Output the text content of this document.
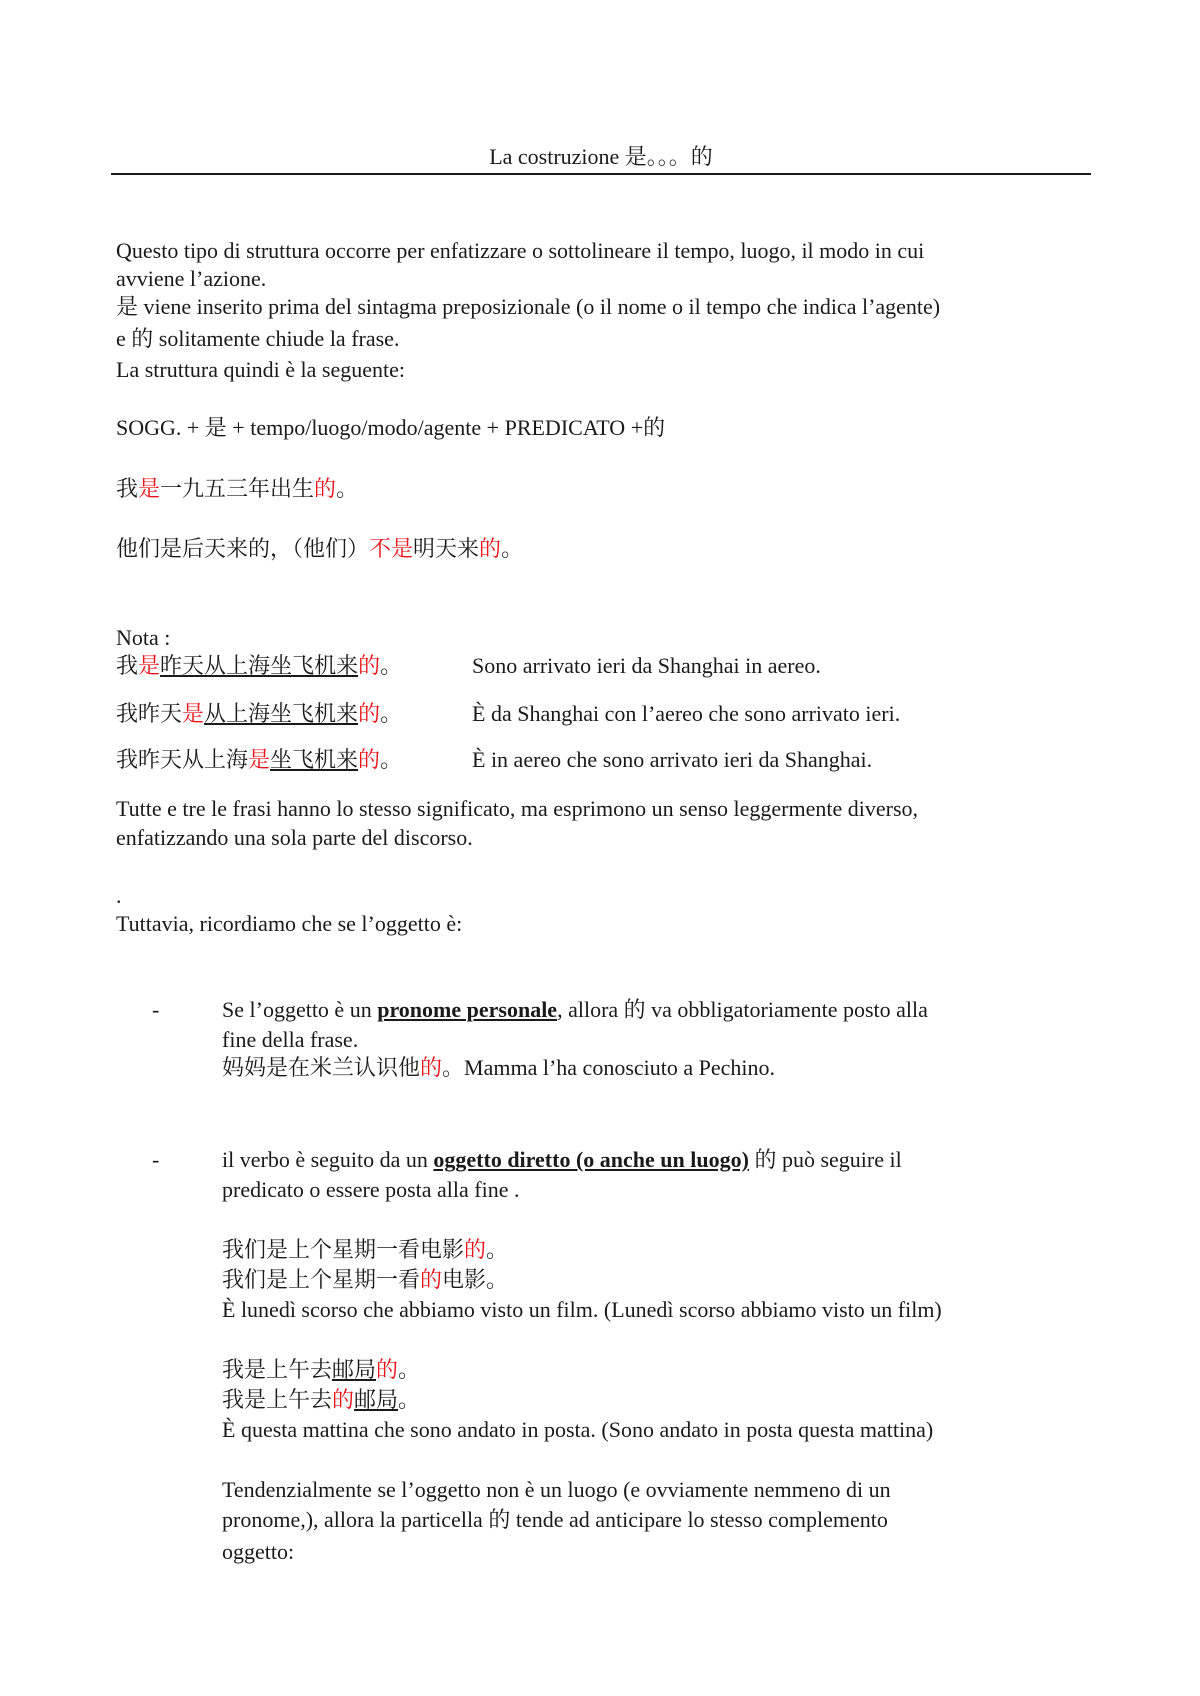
La costruzione 是。。。的
Questo tipo di struttura occorre per enfatizzare o sottolineare il tempo, luogo, il modo in cui
avviene l’azione.
是 viene inserito prima del sintagma preposizionale (o il nome o il tempo che indica l’agente)
e 的 solitamente chiude la frase.
La struttura quindi è la seguente:
SOGG. + 是 + tempo/luogo/modo/agente + PREDICATO +的
我是一九五三年出生的。
他们是后天来的，（他们）不是明天来的。
Nota :
我是昨天从上海坐飞机来的。	Sono arrivato ieri da Shanghai in aereo.
我昨天是从上海坐飞机来的。	È da Shanghai con l’aereo che sono arrivato ieri.
我昨天从上海是坐飞机来的。	È in aereo che sono arrivato ieri da Shanghai.
Tutte e tre le frasi hanno lo stesso significato, ma esprimono un senso leggermente diverso,
enfatizzando una sola parte del discorso.
.
Tuttavia, ricordiamo che se l’oggetto è:
-	Se l’oggetto è un pronome personale, allora 的 va obbligatoriamente posto alla
fine della frase.
妈妈是在米兰认识他的。Mamma l’ha conosciuto a Pechino.
-	il verbo è seguito da un oggetto diretto (o anche un luogo) 的 può seguire il
predicato o essere posta alla fine .
我们是上个星期一看电影的。
我们是上个星期一看的电影。
È lunedì scorso che abbiamo visto un film. (Lunedì scorso abbiamo visto un film)
我是上午去邮局的。
我是上午去的邮局。
È questa mattina che sono andato in posta. (Sono andato in posta questa mattina)
Tendenzialmente se l’oggetto non è un luogo (e ovviamente nemmeno di un
pronome,), allora la particella 的 tende ad anticipare lo stesso complemento
oggetto:
